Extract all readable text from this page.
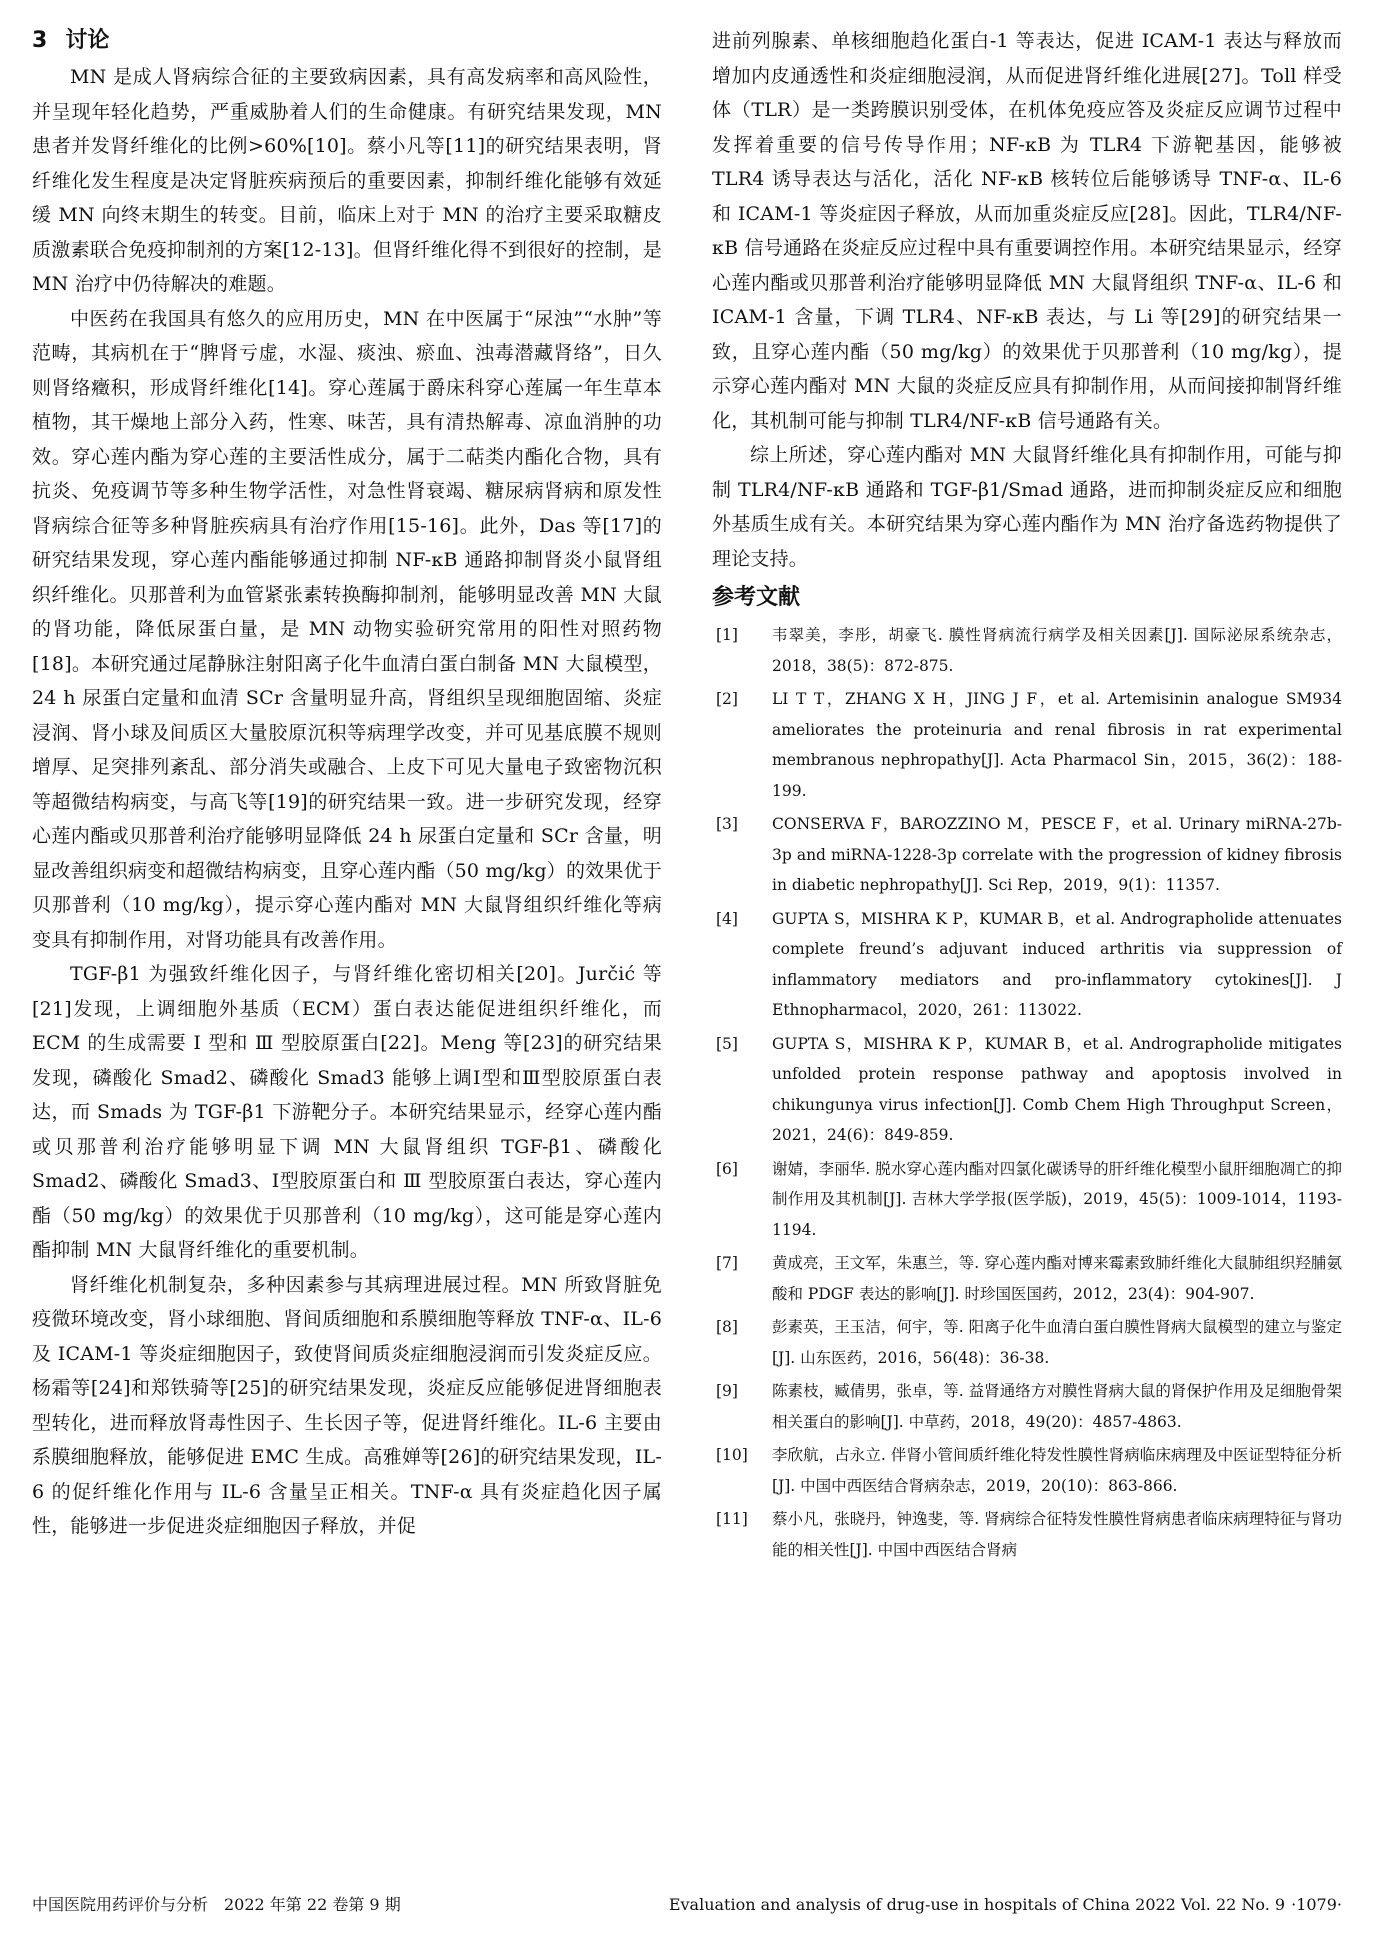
3 讨论

MN 是成人肾病综合征的主要致病因素，具有高发病率和高风险性，并呈现年轻化趋势，严重威胁着人们的生命健康。有研究结果发现，MN 患者并发肾纤维化的比例>60%[10]。蔡小凡等[11]的研究结果表明，肾纤维化发生程度是决定肾脏疾病预后的重要因素，抑制纤维化能够有效延缓 MN 向终末期生的转变。目前，临床上对于 MN 的治疗主要采取糖皮质激素联合免疫抑制剂的方案[12-13]。但肾纤维化得不到很好的控制，是 MN 治疗中仍待解决的难题。

中医药在我国具有悠久的应用历史，MN 在中医属于“尿浊”“水肿”等范畴，其病机在于“脾肾亏虚，水湿、痰浊、瘀血、浊毒潜藏肾络”，日久则肾络癥积，形成肾纤维化[14]。穿心莲属于爵床科穿心莲属一年生草本植物，其干燥地上部分入药，性寒、味苦，具有清热解毒、凉血消肿的功效。穿心莲内酯为穿心莲的主要活性成分，属于二萜类内酯化合物，具有抗炎、免疫调节等多种生物学活性，对急性肾衰竭、糖尿病肾病和原发性肾病综合征等多种肾脏疾病具有治疗作用[15-16]。此外，Das 等[17]的研究结果发现，穿心莲内酯能够通过抑制 NF-κB 通路抑制肾炎小鼠肾组织纤维化。贝那普利为血管紧张素转换酶抑制剂，能够明显改善 MN 大鼠的肾功能，降低尿蛋白量，是 MN 动物实验研究常用的阳性对照药物[18]。本研究通过尾静脉注射阳离子化牛血清白蛋白制备 MN 大鼠模型，24 h 尿蛋白定量和血清 SCr 含量明显升高，肾组织呈现细胞固缩、炎症浸润、肾小球及间质区大量胶原沉积等病理学改变，并可见基底膜不规则增厚、足突排列紊乱、部分消失或融合、上皮下可见大量电子致密物沉积等超微结构病变，与高飞等[19]的研究结果一致。进一步研究发现，经穿心莲内酯或贝那普利治疗能够明显降低 24 h 尿蛋白定量和 SCr 含量，明显改善组织病变和超微结构病变，且穿心莲内酯（50 mg/kg）的效果优于贝那普利（10 mg/kg），提示穿心莲内酯对 MN 大鼠肾组织纤维化等病变具有抑制作用，对肾功能具有改善作用。

TGF-β1 为强致纤维化因子，与肾纤维化密切相关[20]。Jurčić 等[21]发现，上调细胞外基质（ECM）蛋白表达能促进组织纤维化，而 ECM 的生成需要 Ⅰ 型和 Ⅲ 型胶原蛋白[22]。Meng 等[23]的研究结果发现，磷酸化 Smad2、磷酸化 Smad3 能够上调Ⅰ型和Ⅲ型胶原蛋白表达，而 Smads 为 TGF-β1 下游靶分子。本研究结果显示，经穿心莲内酯或贝那普利治疗能够明显下调 MN 大鼠肾组织 TGF-β1、磷酸化 Smad2、磷酸化 Smad3、Ⅰ型胶原蛋白和 Ⅲ 型胶原蛋白表达，穿心莲内酯（50 mg/kg）的效果优于贝那普利（10 mg/kg），这可能是穿心莲内酯抑制 MN 大鼠肾纤维化的重要机制。

肾纤维化机制复杂，多种因素参与其病理进展过程。MN 所致肾脏免疫微环境改变，肾小球细胞、肾间质细胞和系膜细胞等释放 TNF-α、IL-6 及 ICAM-1 等炎症细胞因子，致使肾间质炎症细胞浸润而引发炎症反应。杨霜等[24]和郑铁骑等[25]的研究结果发现，炎症反应能够促进肾细胞表型转化，进而释放肾毒性因子、生长因子等，促进肾纤维化。IL-6 主要由系膜细胞释放，能够促进 EMC 生成。高雅婵等[26]的研究结果发现，IL-6 的促纤维化作用与 IL-6 含量呈正相关。TNF-α 具有炎症趋化因子属性，能够进一步促进炎症细胞因子释放，并促

进前列腺素、单核细胞趋化蛋白-1 等表达，促进 ICAM-1 表达与释放而增加内皮通透性和炎症细胞浸润，从而促进肾纤维化进展[27]。Toll 样受体（TLR）是一类跨膜识别受体，在机体免疫应答及炎症反应调节过程中发挥着重要的信号传导作用；NF-κB 为 TLR4 下游靶基因，能够被 TLR4 诱导表达与活化，活化 NF-κB 核转位后能够诱导 TNF-α、IL-6 和 ICAM-1 等炎症因子释放，从而加重炎症反应[28]。因此，TLR4/NF-κB 信号通路在炎症反应过程中具有重要调控作用。本研究结果显示，经穿心莲内酯或贝那普利治疗能够明显降低 MN 大鼠肾组织 TNF-α、IL-6 和 ICAM-1 含量，下调 TLR4、NF-κB 表达，与 Li 等[29]的研究结果一致，且穿心莲内酯（50 mg/kg）的效果优于贝那普利（10 mg/kg），提示穿心莲内酯对 MN 大鼠的炎症反应具有抑制作用，从而间接抑制肾纤维化，其机制可能与抑制 TLR4/NF-κB 信号通路有关。

综上所述，穿心莲内酯对 MN 大鼠肾纤维化具有抑制作用，可能与抑制 TLR4/NF-κB 通路和 TGF-β1/Smad 通路，进而抑制炎症反应和细胞外基质生成有关。本研究结果为穿心莲内酯作为 MN 治疗备选药物提供了理论支持。

参考文献
[1]	韦翠美，李彤，胡豪飞. 膜性肾病流行病学及相关因素[J]. 国际泌尿系统杂志，2018，38(5)：872-875.
[2]	LI T T，ZHANG X H，JING J F，et al. Artemisinin analogue SM934 ameliorates the proteinuria and renal fibrosis in rat experimental membranous nephropathy[J]. Acta Pharmacol Sin，2015，36(2)：188-199.
[3]	CONSERVA F，BAROZZINO M，PESCE F，et al. Urinary miRNA-27b-3p and miRNA-1228-3p correlate with the progression of kidney fibrosis in diabetic nephropathy[J]. Sci Rep，2019，9(1)：11357.
[4]	GUPTA S，MISHRA K P，KUMAR B，et al. Andrographolide attenuates complete freund’s adjuvant induced arthritis via suppression of inflammatory mediators and pro-inflammatory cytokines[J]. J Ethnopharmacol，2020，261：113022.
[5]	GUPTA S，MISHRA K P，KUMAR B，et al. Andrographolide mitigates unfolded protein response pathway and apoptosis involved in chikungunya virus infection[J]. Comb Chem High Throughput Screen，2021，24(6)：849-859.
[6]	谢婧，李丽华. 脱水穿心莲内酯对四氯化碳诱导的肝纤维化模型小鼠肝细胞凋亡的抑制作用及其机制[J]. 吉林大学学报(医学版)，2019，45(5)：1009-1014，1193-1194.
[7]	黄成亮，王文军，朱惠兰，等. 穿心莲内酯对博来霉素致肺纤维化大鼠肺组织羟脯氨酸和 PDGF 表达的影响[J]. 时珍国医国药，2012，23(4)：904-907.
[8]	彭素英，王玉洁，何宇，等. 阳离子化牛血清白蛋白膜性肾病大鼠模型的建立与鉴定[J]. 山东医药，2016，56(48)：36-38.
[9]	陈素枝，臧倩男，张卓，等. 益肾通络方对膜性肾病大鼠的肾保护作用及足细胞骨架相关蛋白的影响[J]. 中草药，2018，49(20)：4857-4863.
[10]	李欣航，占永立. 伴肾小管间质纤维化特发性膜性肾病临床病理及中医证型特征分析[J]. 中国中西医结合肾病杂志，2019，20(10)：863-866.
[11]	蔡小凡，张晓丹，钟逸斐，等. 肾病综合征特发性膜性肾病患者临床病理特征与肾功能的相关性[J]. 中国中西医结合肾病
中国医院用药评价与分析　2022 年第 22 卷第 9 期	Evaluation and analysis of drug-use in hospitals of China 2022 Vol. 22 No. 9 ·1079·
